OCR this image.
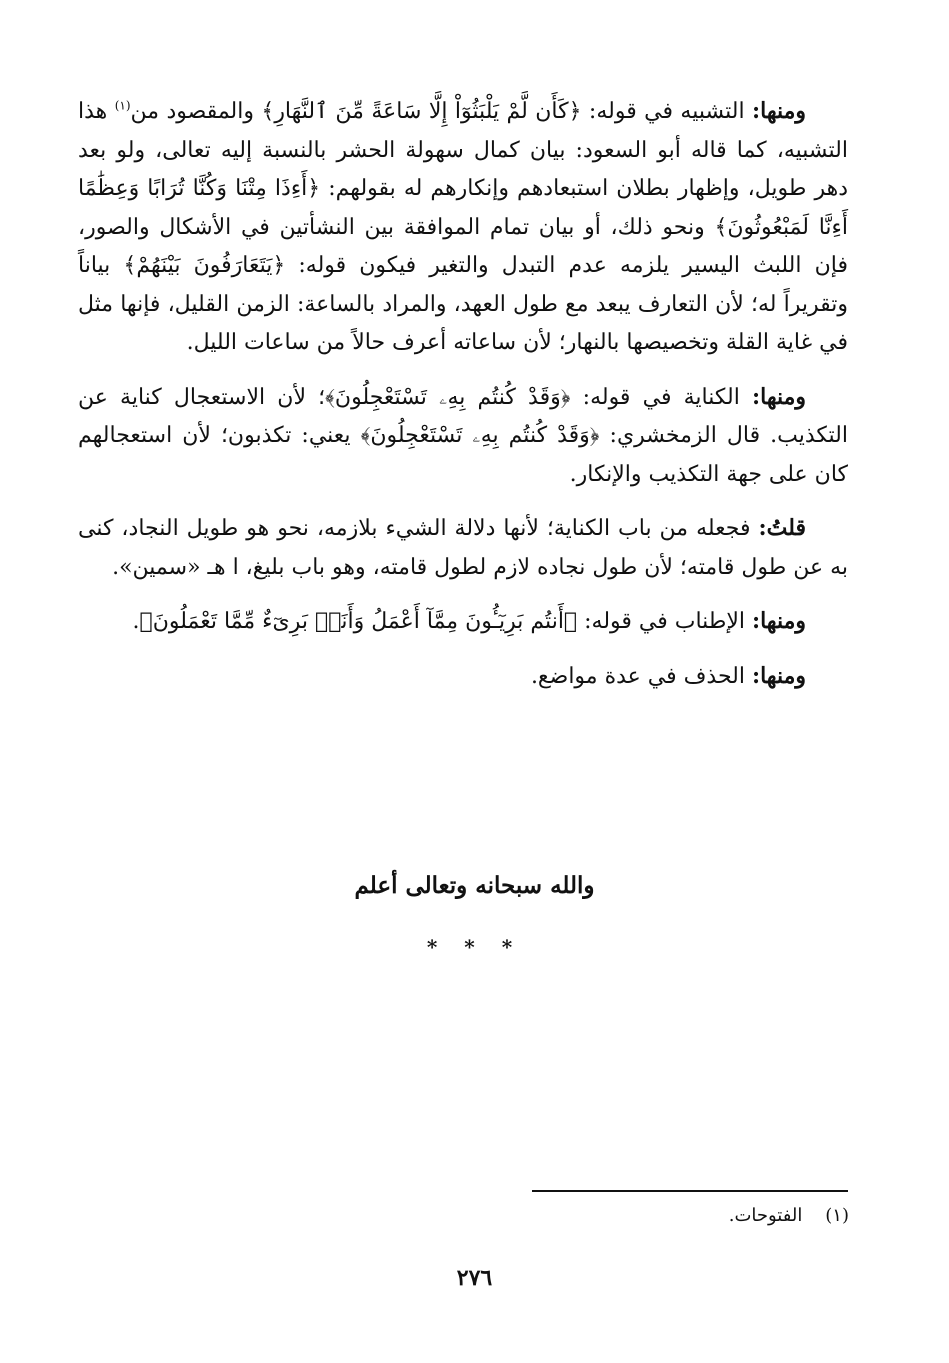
ومنها: التشبيه في قوله: ﴿كَأَن لَّمْ يَلْبَثُوٓاْ إِلَّا سَاعَةً مِّنَ ٱلنَّهَارِ﴾ والمقصود من$^{(١)}$ هذا التشبيه، كما قاله أبو السعود: بيان كمال سهولة الحشر بالنسبة إليه تعالى، ولو بعد دهر طويل، وإظهار بطلان استبعادهم وإنكارهم له بقولهم: ﴿أَءِذَا مِتْنَا وَكُنَّا تُرَابًا وَعِظَٰمًا أَءِنَّا لَمَبْعُوثُونَ﴾ ونحو ذلك، أو بيان تمام الموافقة بين النشأتين في الأشكال والصور، فإن اللبث اليسير يلزمه عدم التبدل والتغير فيكون قوله: ﴿يَتَعَارَفُونَ بَيْنَهُمْ﴾ بياناً وتقريراً له؛ لأن التعارف يبعد مع طول العهد، والمراد بالساعة: الزمن القليل، فإنها مثل في غاية القلة وتخصيصها بالنهار؛ لأن ساعاته أعرف حالاً من ساعات الليل.

ومنها: الكناية في قوله: ﴿وَقَدْ كُنتُم بِهِۦ تَسْتَعْجِلُونَ﴾؛ لأن الاستعجال كناية عن التكذيب. قال الزمخشري: ﴿وَقَدْ كُنتُم بِهِۦ تَسْتَعْجِلُونَ﴾ يعني: تكذبون؛ لأن استعجالهم كان على جهة التكذيب والإنكار.

قلتُ: فجعله من باب الكناية؛ لأنها دلالة الشيء بلازمه، نحو هو طويل النجاد، كنى به عن طول قامته؛ لأن طول نجاده لازم لطول قامته، وهو باب بليغ، ا هـ «سمين».

ومنها: الإطناب في قوله: ﴿أَنتُم بَرِيٓـُٔونَ مِمَّآ أَعْمَلُ وَأَنَا۠ بَرِىٓءٌ مِّمَّا تَعْمَلُونَ﴾.

ومنها: الحذف في عدة مواضع.

والله سبحانه وتعالى أعلم
* * *
(١)    الفتوحات.
٢٧٦
